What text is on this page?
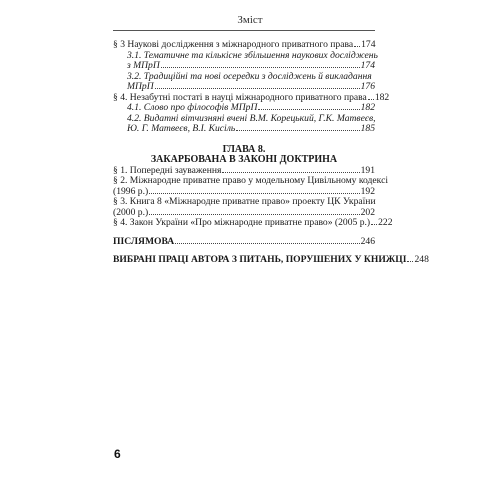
Зміст
§ 3 Наукові дослідження з міжнародного приватного права 174
3.1. Тематичне та кількісне збільшення наукових досліджень
з МПрП	174
3.2. Традиційні та нові осередки з досліджень й викладання
МПрП	176
§ 4. Незабутні постаті в науці міжнародного приватного права 182
4.1. Слово про філософів МПрП	182
4.2. Видатні вітчизняні вчені В.М. Корецький, Г.К. Матвеєв,
Ю. Г. Матвеєв, В.І. Кисіль	185
ГЛАВА 8.
ЗАКАРБОВАНА В ЗАКОНІ ДОКТРИНА
§ 1. Попередні зауваження	191
§ 2. Міжнародне приватне право у модельному Цивільному кодексі
(1996 р.)	192
§ 3. Книга 8 «Міжнародне приватне право» проекту ЦК України
(2000 р.)	202
§ 4. Закон України «Про міжнародне приватне право» (2005 р.) 222
ПІСЛЯМОВА	246
ВИБРАНІ ПРАЦІ АВТОРА З ПИТАНЬ, ПОРУШЕНИХ У КНИЖЦІ 248
6
